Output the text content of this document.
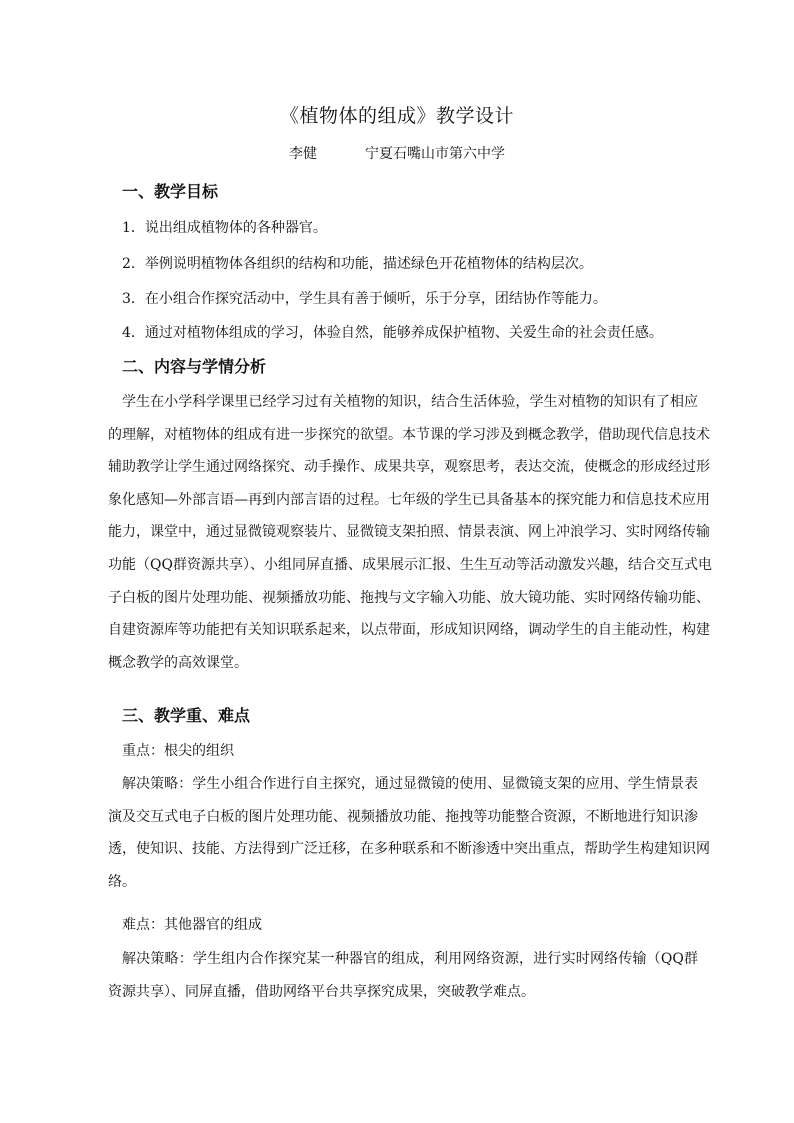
《植物体的组成》教学设计
李健	宁夏石嘴山市第六中学
一、教学目标
1．说出组成植物体的各种器官。
2．举例说明植物体各组织的结构和功能，描述绿色开花植物体的结构层次。
3．在小组合作探究活动中，学生具有善于倾听，乐于分享，团结协作等能力。
4．通过对植物体组成的学习，体验自然，能够养成保护植物、关爱生命的社会责任感。
二、内容与学情分析
学生在小学科学课里已经学习过有关植物的知识，结合生活体验，学生对植物的知识有了相应
的理解，对植物体的组成有进一步探究的欲望。本节课的学习涉及到概念教学，借助现代信息技术
辅助教学让学生通过网络探究、动手操作、成果共享，观察思考，表达交流，使概念的形成经过形
象化感知—外部言语—再到内部言语的过程。七年级的学生已具备基本的探究能力和信息技术应用
能力，课堂中，通过显微镜观察装片、显微镜支架拍照、情景表演、网上冲浪学习、实时网络传输
功能（QQ群资源共享）、小组同屏直播、成果展示汇报、生生互动等活动激发兴趣，结合交互式电
子白板的图片处理功能、视频播放功能、拖拽与文字输入功能、放大镜功能、实时网络传输功能、
自建资源库等功能把有关知识联系起来，以点带面，形成知识网络，调动学生的自主能动性，构建
概念教学的高效课堂。
三、教学重、难点
重点：根尖的组织
解决策略：学生小组合作进行自主探究，通过显微镜的使用、显微镜支架的应用、学生情景表
演及交互式电子白板的图片处理功能、视频播放功能、拖拽等功能整合资源，不断地进行知识渗
透，使知识、技能、方法得到广泛迁移，在多种联系和不断渗透中突出重点，帮助学生构建知识网
络。
难点：其他器官的组成
解决策略：学生组内合作探究某一种器官的组成，利用网络资源，进行实时网络传输（QQ群
资源共享）、同屏直播，借助网络平台共享探究成果，突破教学难点。
